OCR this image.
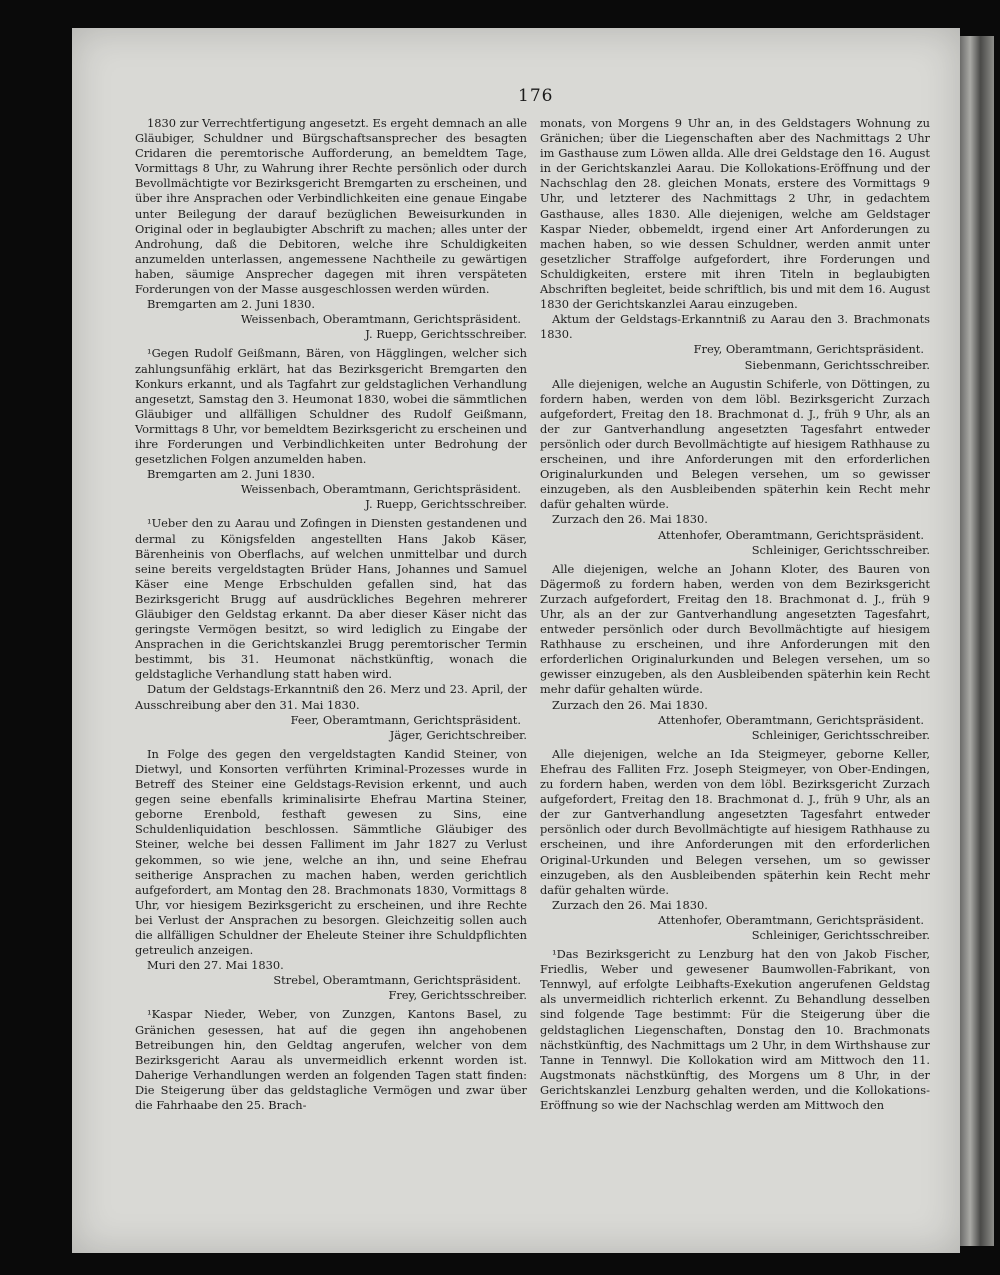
176

1830 zur Verrechtfertigung angesetzt. Es ergeht demnach an alle Gläubiger, Schuldner und Bürgschaftsansprecher des besagten Cridaren die peremtorische Aufforderung, an bemeldtem Tage, Vormittags 8 Uhr, zu Wahrung ihrer Rechte persönlich oder durch Bevollmächtigte vor Bezirksgericht Bremgarten zu erscheinen, und über ihre Ansprachen oder Verbindlichkeiten eine genaue Eingabe unter Beilegung der darauf bezüglichen Beweisurkunden in Original oder in beglaubigter Abschrift zu machen; alles unter der Androhung, daß die Debitoren, welche ihre Schuldigkeiten anzumelden unterlassen, angemessene Nachtheile zu gewärtigen haben, säumige Ansprecher dagegen mit ihren verspäteten Forderungen von der Masse ausgeschlossen werden würden.

Bremgarten am 2. Juni 1830.

Weissenbach, Oberamtmann, Gerichtspräsident.

J. Ruepp, Gerichtsschreiber.

¹Gegen Rudolf Geißmann, Bären, von Hägglingen, welcher sich zahlungsunfähig erklärt, hat das Bezirksgericht Bremgarten den Konkurs erkannt, und als Tagfahrt zur geldstaglichen Verhandlung angesetzt, Samstag den 3. Heumonat 1830, wobei die sämmtlichen Gläubiger und allfälligen Schuldner des Rudolf Geißmann, Vormittags 8 Uhr, vor bemeldtem Bezirksgericht zu erscheinen und ihre Forderungen und Verbindlichkeiten unter Bedrohung der gesetzlichen Folgen anzumelden haben.

Bremgarten am 2. Juni 1830.

Weissenbach, Oberamtmann, Gerichtspräsident.

J. Ruepp, Gerichtsschreiber.

¹Ueber den zu Aarau und Zofingen in Diensten gestandenen und dermal zu Königsfelden angestellten Hans Jakob Käser, Bärenheinis von Oberflachs, auf welchen unmittelbar und durch seine bereits vergeldstagten Brüder Hans, Johannes und Samuel Käser eine Menge Erbschulden gefallen sind, hat das Bezirksgericht Brugg auf ausdrückliches Begehren mehrerer Gläubiger den Geldstag erkannt. Da aber dieser Käser nicht das geringste Vermögen besitzt, so wird lediglich zu Eingabe der Ansprachen in die Gerichtskanzlei Brugg peremtorischer Termin bestimmt, bis 31. Heumonat nächstkünftig, wonach die geldstagliche Verhandlung statt haben wird.

Datum der Geldstags-Erkanntniß den 26. Merz und 23. April, der Ausschreibung aber den 31. Mai 1830.

Feer, Oberamtmann, Gerichtspräsident.

Jäger, Gerichtschreiber.

In Folge des gegen den vergeldstagten Kandid Steiner, von Dietwyl, und Konsorten verführten Kriminal-Prozesses wurde in Betreff des Steiner eine Geldstags-Revision erkennt, und auch gegen seine ebenfalls kriminalisirte Ehefrau Martina Steiner, geborne Erenbold, festhaft gewesen zu Sins, eine Schuldenliquidation beschlossen. Sämmtliche Gläubiger des Steiner, welche bei dessen Falliment im Jahr 1827 zu Verlust gekommen, so wie jene, welche an ihn, und seine Ehefrau seitherige Ansprachen zu machen haben, werden gerichtlich aufgefordert, am Montag den 28. Brachmonats 1830, Vormittags 8 Uhr, vor hiesigem Bezirksgericht zu erscheinen, und ihre Rechte bei Verlust der Ansprachen zu besorgen. Gleichzeitig sollen auch die allfälligen Schuldner der Eheleute Steiner ihre Schuldpflichten getreulich anzeigen.

Muri den 27. Mai 1830.

Strebel, Oberamtmann, Gerichtspräsident.

Frey, Gerichtsschreiber.

¹Kaspar Nieder, Weber, von Zunzgen, Kantons Basel, zu Gränichen gesessen, hat auf die gegen ihn angehobenen Betreibungen hin, den Geldtag angerufen, welcher von dem Bezirksgericht Aarau als unvermeidlich erkennt worden ist. Daherige Verhandlungen werden an folgenden Tagen statt finden: Die Steigerung über das geldstagliche Vermögen und zwar über die Fahrhaabe den 25. Brach-

monats, von Morgens 9 Uhr an, in des Geldstagers Wohnung zu Gränichen; über die Liegenschaften aber des Nachmittags 2 Uhr im Gasthause zum Löwen allda. Alle drei Geldstage den 16. August in der Gerichtskanzlei Aarau. Die Kollokations-Eröffnung und der Nachschlag den 28. gleichen Monats, erstere des Vormittags 9 Uhr, und letzterer des Nachmittags 2 Uhr, in gedachtem Gasthause, alles 1830. Alle diejenigen, welche am Geldstager Kaspar Nieder, obbemeldt, irgend einer Art Anforderungen zu machen haben, so wie dessen Schuldner, werden anmit unter gesetzlicher Straffolge aufgefordert, ihre Forderungen und Schuldigkeiten, erstere mit ihren Titeln in beglaubigten Abschriften begleitet, beide schriftlich, bis und mit dem 16. August 1830 der Gerichtskanzlei Aarau einzugeben.

Aktum der Geldstags-Erkanntniß zu Aarau den 3. Brachmonats 1830.

Frey, Oberamtmann, Gerichtspräsident.

Siebenmann, Gerichtsschreiber.

Alle diejenigen, welche an Augustin Schiferle, von Döttingen, zu fordern haben, werden von dem löbl. Bezirksgericht Zurzach aufgefordert, Freitag den 18. Brachmonat d. J., früh 9 Uhr, als an der zur Gantverhandlung angesetzten Tagesfahrt entweder persönlich oder durch Bevollmächtigte auf hiesigem Rathhause zu erscheinen, und ihre Anforderungen mit den erforderlichen Originalurkunden und Belegen versehen, um so gewisser einzugeben, als den Ausbleibenden späterhin kein Recht mehr dafür gehalten würde.

Zurzach den 26. Mai 1830.

Attenhofer, Oberamtmann, Gerichtspräsident.

Schleiniger, Gerichtsschreiber.

Alle diejenigen, welche an Johann Kloter, des Bauren von Dägermoß zu fordern haben, werden von dem Bezirksgericht Zurzach aufgefordert, Freitag den 18. Brachmonat d. J., früh 9 Uhr, als an der zur Gantverhandlung angesetzten Tagesfahrt, entweder persönlich oder durch Bevollmächtigte auf hiesigem Rathhause zu erscheinen, und ihre Anforderungen mit den erforderlichen Originalurkunden und Belegen versehen, um so gewisser einzugeben, als den Ausbleibenden späterhin kein Recht mehr dafür gehalten würde.

Zurzach den 26. Mai 1830.

Attenhofer, Oberamtmann, Gerichtspräsident.

Schleiniger, Gerichtsschreiber.

Alle diejenigen, welche an Ida Steigmeyer, geborne Keller, Ehefrau des Falliten Frz. Joseph Steigmeyer, von Ober-Endingen, zu fordern haben, werden von dem löbl. Bezirksgericht Zurzach aufgefordert, Freitag den 18. Brachmonat d. J., früh 9 Uhr, als an der zur Gantverhandlung angesetzten Tagesfahrt entweder persönlich oder durch Bevollmächtigte auf hiesigem Rathhause zu erscheinen, und ihre Anforderungen mit den erforderlichen Original-Urkunden und Belegen versehen, um so gewisser einzugeben, als den Ausbleibenden späterhin kein Recht mehr dafür gehalten würde.

Zurzach den 26. Mai 1830.

Attenhofer, Oberamtmann, Gerichtspräsident.

Schleiniger, Gerichtsschreiber.

¹Das Bezirksgericht zu Lenzburg hat den von Jakob Fischer, Friedlis, Weber und gewesener Baumwollen-Fabrikant, von Tennwyl, auf erfolgte Leibhafts-Exekution angerufenen Geldstag als unvermeidlich richterlich erkennt. Zu Behandlung desselben sind folgende Tage bestimmt: Für die Steigerung über die geldstaglichen Liegenschaften, Donstag den 10. Brachmonats nächstkünftig, des Nachmittags um 2 Uhr, in dem Wirthshause zur Tanne in Tennwyl. Die Kollokation wird am Mittwoch den 11. Augstmonats nächstkünftig, des Morgens um 8 Uhr, in der Gerichtskanzlei Lenzburg gehalten werden, und die Kollokations-Eröffnung so wie der Nachschlag werden am Mittwoch den
